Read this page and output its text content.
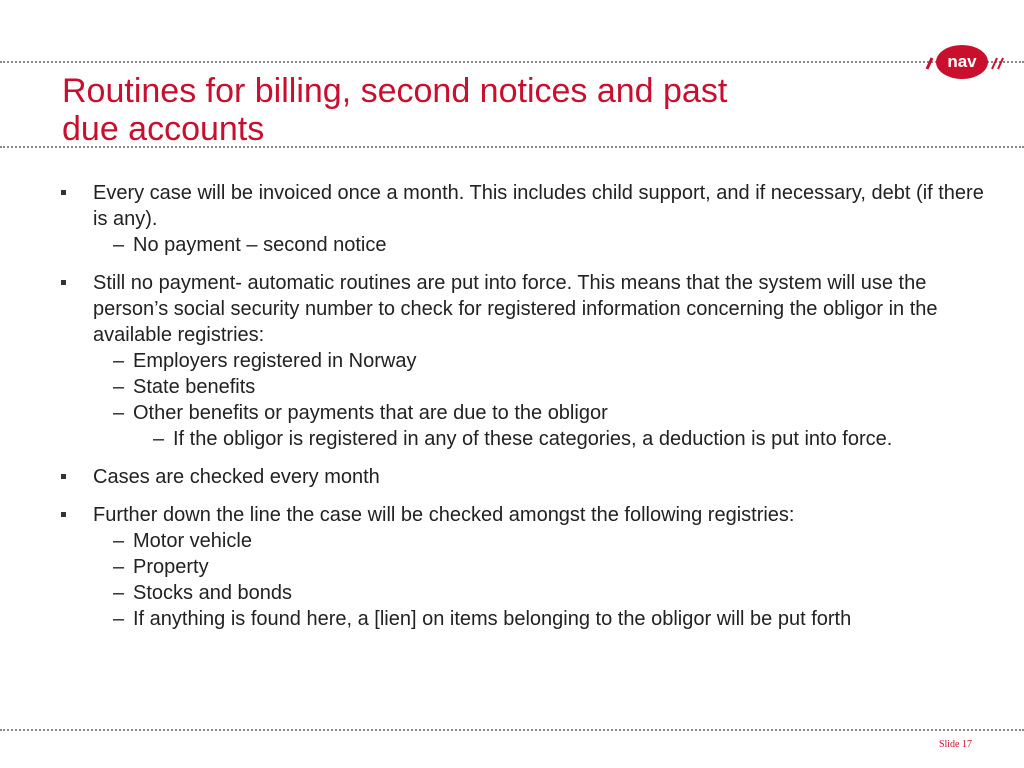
nav
Routines for billing, second notices and past
due accounts
Every case will be invoiced once a month. This includes child support, and if necessary, debt (if there is any).
– No payment – second notice
Still no payment- automatic routines are put into force. This means that the system will use the person’s social security number to check for registered information concerning the obligor in the available registries:
– Employers registered in Norway
– State benefits
– Other benefits or payments that are due to the obligor
– If the obligor is registered in any of these categories, a deduction is put into force.
Cases are checked every month
Further down the line the case will be checked amongst the following registries:
– Motor vehicle
– Property
– Stocks and bonds
– If anything is found here, a [lien] on items belonging to the obligor will be put forth
Slide 17
